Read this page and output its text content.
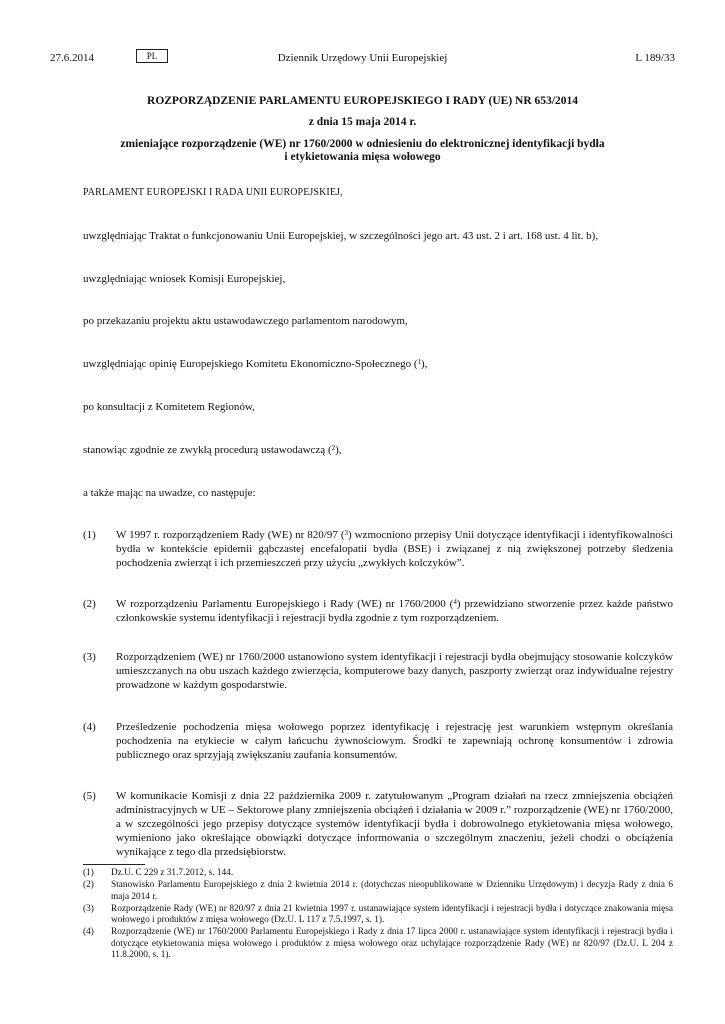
27.6.2014	PL	Dziennik Urzędowy Unii Europejskiej	L 189/33
ROZPORZĄDZENIE PARLAMENTU EUROPEJSKIEGO I RADY (UE) NR 653/2014
z dnia 15 maja 2014 r.
zmieniające rozporządzenie (WE) nr 1760/2000 w odniesieniu do elektronicznej identyfikacji bydła
i etykietowania mięsa wołowego
PARLAMENT EUROPEJSKI I RADA UNII EUROPEJSKIEJ,
uwzględniając Traktat o funkcjonowaniu Unii Europejskiej, w szczególności jego art. 43 ust. 2 i art. 168 ust. 4 lit. b),
uwzględniając wniosek Komisji Europejskiej,
po przekazaniu projektu aktu ustawodawczego parlamentom narodowym,
uwzględniając opinię Europejskiego Komitetu Ekonomiczno-Społecznego ($^1$),
po konsultacji z Komitetem Regionów,
stanowiąc zgodnie ze zwykłą procedurą ustawodawczą ($^2$),
a także mając na uwadze, co następuje:
(1)	W 1997 r. rozporządzeniem Rady (WE) nr 820/97 ($^3$) wzmocniono przepisy Unii dotyczące identyfikacji i identyfikowalności bydła w kontekście epidemii gąbczastej encefalopatii bydła (BSE) i związanej z nią zwiększonej potrzeby śledzenia pochodzenia zwierząt i ich przemieszczeń przy użyciu „zwykłych kolczyków”.
(2)	W rozporządzeniu Parlamentu Europejskiego i Rady (WE) nr 1760/2000 ($^4$) przewidziano stworzenie przez każde państwo członkowskie systemu identyfikacji i rejestracji bydła zgodnie z tym rozporządzeniem.
(3)	Rozporządzeniem (WE) nr 1760/2000 ustanowiono system identyfikacji i rejestracji bydła obejmujący stosowanie kolczyków umieszczanych na obu uszach każdego zwierzęcia, komputerowe bazy danych, paszporty zwierząt oraz indywidualne rejestry prowadzone w każdym gospodarstwie.
(4)	Prześledzenie pochodzenia mięsa wołowego poprzez identyfikację i rejestrację jest warunkiem wstępnym określania pochodzenia na etykiecie w całym łańcuchu żywnościowym. Środki te zapewniają ochronę konsumentów i zdrowia publicznego oraz sprzyjają zwiększaniu zaufania konsumentów.
(5)	W komunikacie Komisji z dnia 22 października 2009 r. zatytułowanym „Program działań na rzecz zmniejszenia obciążeń administracyjnych w UE – Sektorowe plany zmniejszenia obciążeń i działania w 2009 r.” rozporządzenie (WE) nr 1760/2000, a w szczególności jego przepisy dotyczące systemów identyfikacji bydła i dobrowolnego etykietowania mięsa wołowego, wymieniono jako określające obowiązki dotyczące informowania o szczególnym znaczeniu, jeżeli chodzi o obciążenia wynikające z tego dla przedsiębiorstw.
(1) Dz.U. C 229 z 31.7.2012, s. 144.
(2) Stanowisko Parlamentu Europejskiego z dnia 2 kwietnia 2014 r. (dotychczas nieopublikowane w Dzienniku Urzędowym) i decyzja Rady z dnia 6 maja 2014 r.
(3) Rozporządzenie Rady (WE) nr 820/97 z dnia 21 kwietnia 1997 r. ustanawiające system identyfikacji i rejestracji bydła i dotyczące znakowania mięsa wołowego i produktów z mięsa wołowego (Dz.U. L 117 z 7.5.1997, s. 1).
(4) Rozporządzenie (WE) nr 1760/2000 Parlamentu Europejskiego i Rady z dnia 17 lipca 2000 r. ustanawiające system identyfikacji i rejestracji bydła i dotyczące etykietowania mięsa wołowego i produktów z mięsa wołowego oraz uchylające rozporządzenie Rady (WE) nr 820/97 (Dz.U. L 204 z 11.8.2000, s. 1).
